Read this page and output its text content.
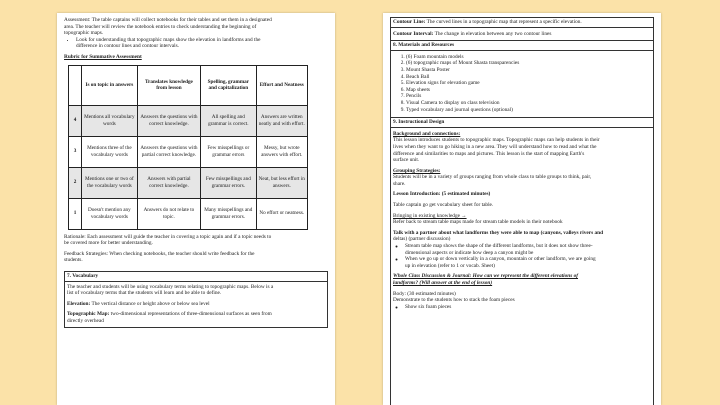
Assessment: The table captains will collect notebooks for their tables and set them in a designated

area. The teacher will review the notebook entries to check understanding the beginning of

topographic maps.

• Look for understanding that topographic maps show the elevation in landforms and the
difference in contour lines and contour intervals.

Rubric for Summative Assessment

	Is on topic in answers	Translates knowledge from lesson	Spelling, grammar and capitalization	Effort and Neatness
4	Mentions all vocabulary words	Answers the questions with correct knowledge.	All spelling and grammar is correct.	Answers are written neatly and with effort.
3	Mentions three of the vocabulary words	Answers the questions with partial correct knowledge.	Few misspellings or grammar errors	Messy, but wrote answers with effort.
2	Mentions one or two of the vocabulary words	Answers with partial correct knowledge.	Few misspellings and grammar errors.	Neat, but less effort in answers.
1	Doesn't mention any vocabulary words	Answers do not relate to topic.	Many misspellings and grammar errors.	No effort or neatness.

Rationale: Each assessment will guide the teacher in covering a topic again and if a topic needs to

be covered more for better understanding.

Feedback Strategies: When checking notebooks, the teacher should write feedback for the

students.

7. Vocabulary

The teacher and students will be using vocabulary terms relating to topographic maps. Below is a

list of vocabulary terms that the students will learn and be able to define.

Elevation: The vertical distance or height above or below sea level

Topographic Map: two-dimensional representations of three-dimensional surfaces as seen from

directly overhead

Contour Line: The curved lines in a topographic map that represent a specific elevation.
Contour Interval: The change in elevation between any two contour lines
8. Materials and Resources
1. (6) Foam mountain models
2. (6) topographic maps of Mount Shasta transparencies
3. Mount Shasta Poster
4. Beach Ball
5. Elevation signs for elevation game
6. Map sheets
7. Pencils
8. Visual Camera to display on class television
9. Typed vocabulary and journal questions (optional)
9. Instructional Design

Background and connections:

This lesson introduces students to topographic maps. Topographic maps can help students in their

lives when they want to go hiking in a new area. They will understand how to read and what the

difference and similarities to maps and pictures. This lesson is the start of mapping Earth's

surface unit.

Grouping Strategies:

Students will be in a variety of groups ranging from whole class to table groups to think, pair,

share.

Lesson Introduction: (5 estimated minutes)

Table captain go get vocabulary sheet for table.

Bringing in existing knowledge →

Refer back to stream table maps made for stream table models in their notebook

Talk with a partner about what landforms they were able to map (canyons, valleys rivers and

deltas) (partner discussion)

◦ Stream table map shows the shape of the different landforms, but it does not show three-
dimensional aspects or indicate how deep a canyon might be
◦ When we go up or down vertically in a canyon, mountain or other landform, we are going
up in elevation (refer to 1 or vocab. Sheet)

Whole Class Discussion & Journal: How can we represent the different elevations of

landforms? (Will answer at the end of lesson)

Body: (30 estimated minutes)

Demonstrate to the students how to stack the foam pieces

◦ Show six foam pieces
